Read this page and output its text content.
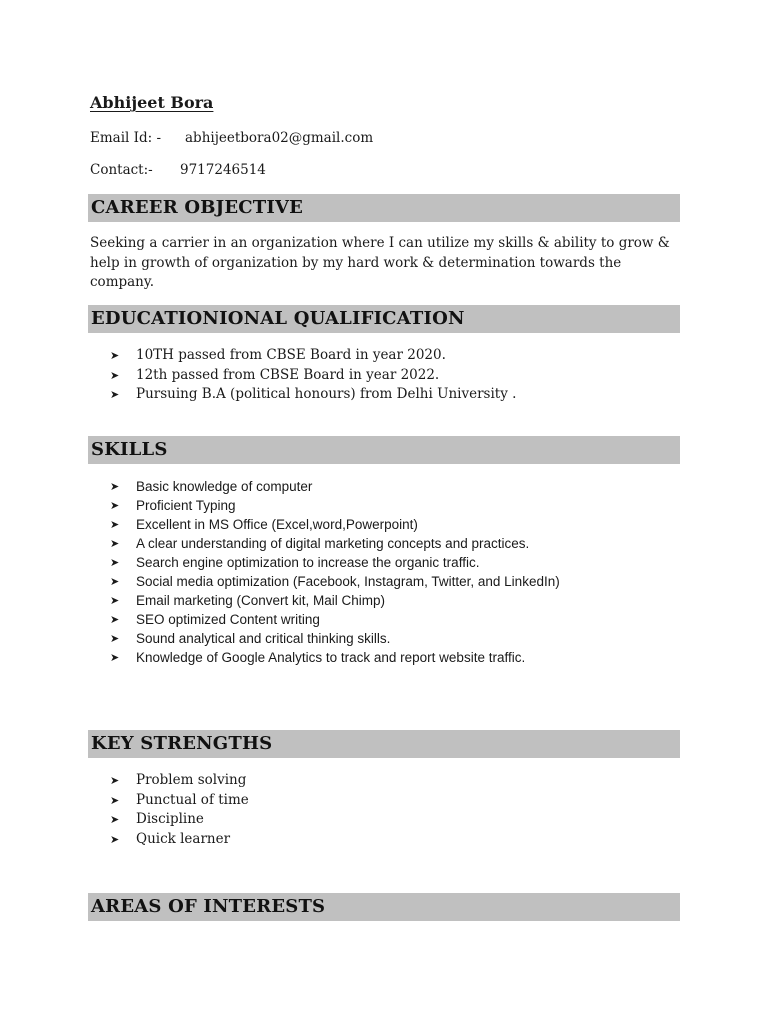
Abhijeet Bora

Email Id: - abhijeetbora02@gmail.com

Contact:- 9717246514

CAREER OBJECTIVE

Seeking a carrier in an organization where I can utilize my skills & ability to grow & help in growth of organization by my hard work & determination towards the company.

EDUCATIONIONAL QUALIFICATION
➤ 10TH passed from CBSE Board in year 2020.
➤ 12th passed from CBSE Board in year 2022.
➤ Pursuing B.A (political honours) from Delhi University .
SKILLS
➤ Basic knowledge of computer
➤ Proficient Typing
➤ Excellent in MS Office (Excel,word,Powerpoint)
➤ A clear understanding of digital marketing concepts and practices.
➤ Search engine optimization to increase the organic traffic.
➤ Social media optimization (Facebook, Instagram, Twitter, and LinkedIn)
➤ Email marketing (Convert kit, Mail Chimp)
➤ SEO optimized Content writing
➤ Sound analytical and critical thinking skills.
➤ Knowledge of Google Analytics to track and report website traffic.
KEY STRENGTHS
➤ Problem solving
➤ Punctual of time
➤ Discipline
➤ Quick learner
AREAS OF INTERESTS
